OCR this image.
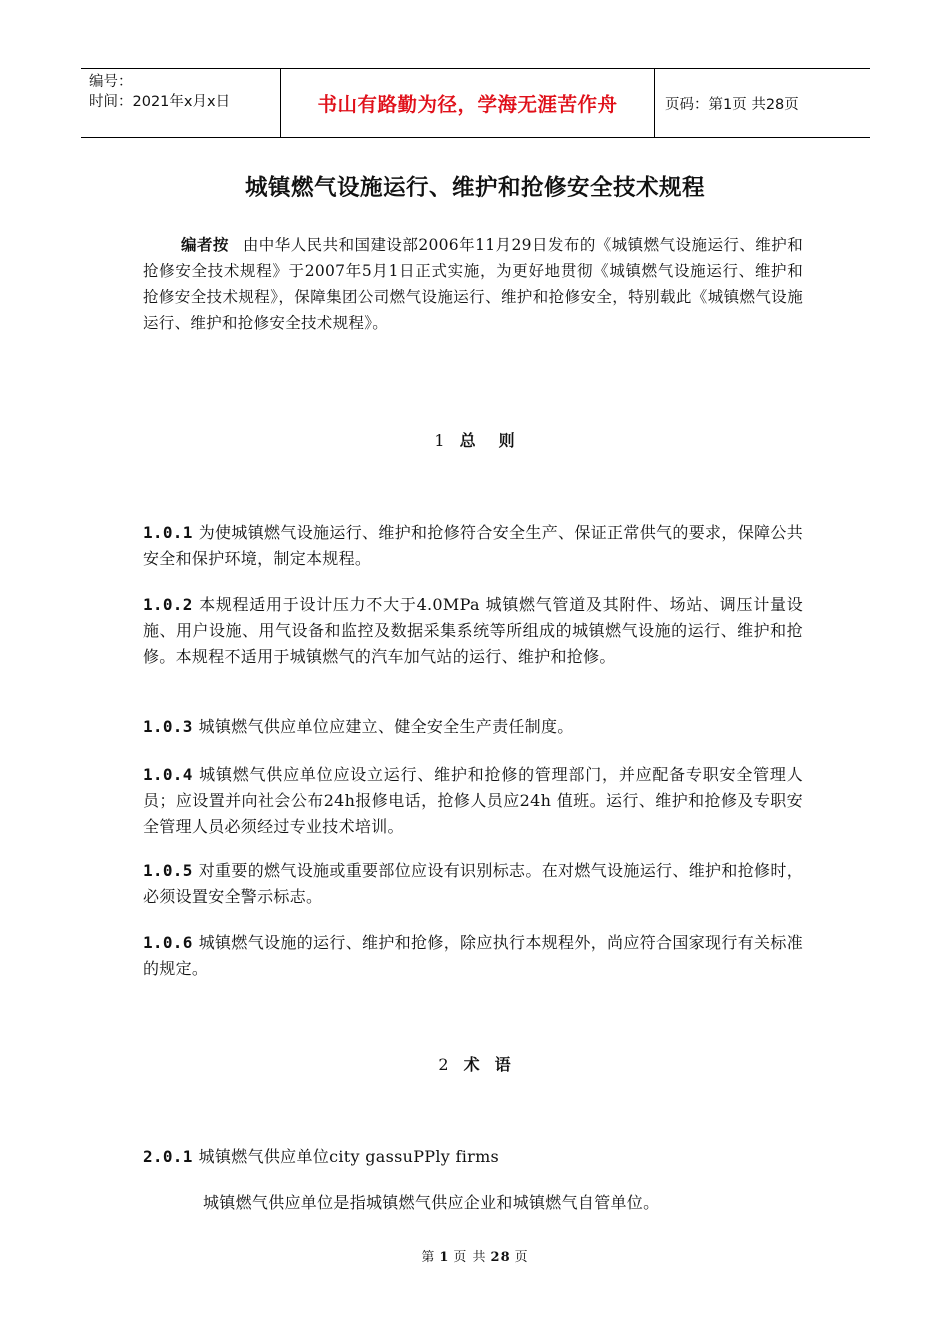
编号：
时间：2021年x月x日	书山有路勤为径，学海无涯苦作舟	页码：第1页 共28页
城镇燃气设施运行、维护和抢修安全技术规程
编者按 由中华人民共和国建设部2006年11月29日发布的《城镇燃气设施运行、维护和抢修安全技术规程》于2007年5月1日正式实施，为更好地贯彻《城镇燃气设施运行、维护和抢修安全技术规程》，保障集团公司燃气设施运行、维护和抢修安全，特别载此《城镇燃气设施运行、维护和抢修安全技术规程》。
1 总 则
1.0.1 为使城镇燃气设施运行、维护和抢修符合安全生产、保证正常供气的要求，保障公共安全和保护环境，制定本规程。
1.0.2 本规程适用于设计压力不大于4.0MPa 城镇燃气管道及其附件、场站、调压计量设施、用户设施、用气设备和监控及数据采集系统等所组成的城镇燃气设施的运行、维护和抢修。本规程不适用于城镇燃气的汽车加气站的运行、维护和抢修。
1.0.3 城镇燃气供应单位应建立、健全安全生产责任制度。
1.0.4 城镇燃气供应单位应设立运行、维护和抢修的管理部门，并应配备专职安全管理人员；应设置并向社会公布24h报修电话，抢修人员应24h 值班。运行、维护和抢修及专职安全管理人员必须经过专业技术培训。
1.0.5 对重要的燃气设施或重要部位应设有识别标志。在对燃气设施运行、维护和抢修时，必须设置安全警示标志。
1.0.6 城镇燃气设施的运行、维护和抢修，除应执行本规程外，尚应符合国家现行有关标准的规定。
2 术 语
2.0.1 城镇燃气供应单位city gassuPPly firms
城镇燃气供应单位是指城镇燃气供应企业和城镇燃气自管单位。
第 1 页 共 28 页
